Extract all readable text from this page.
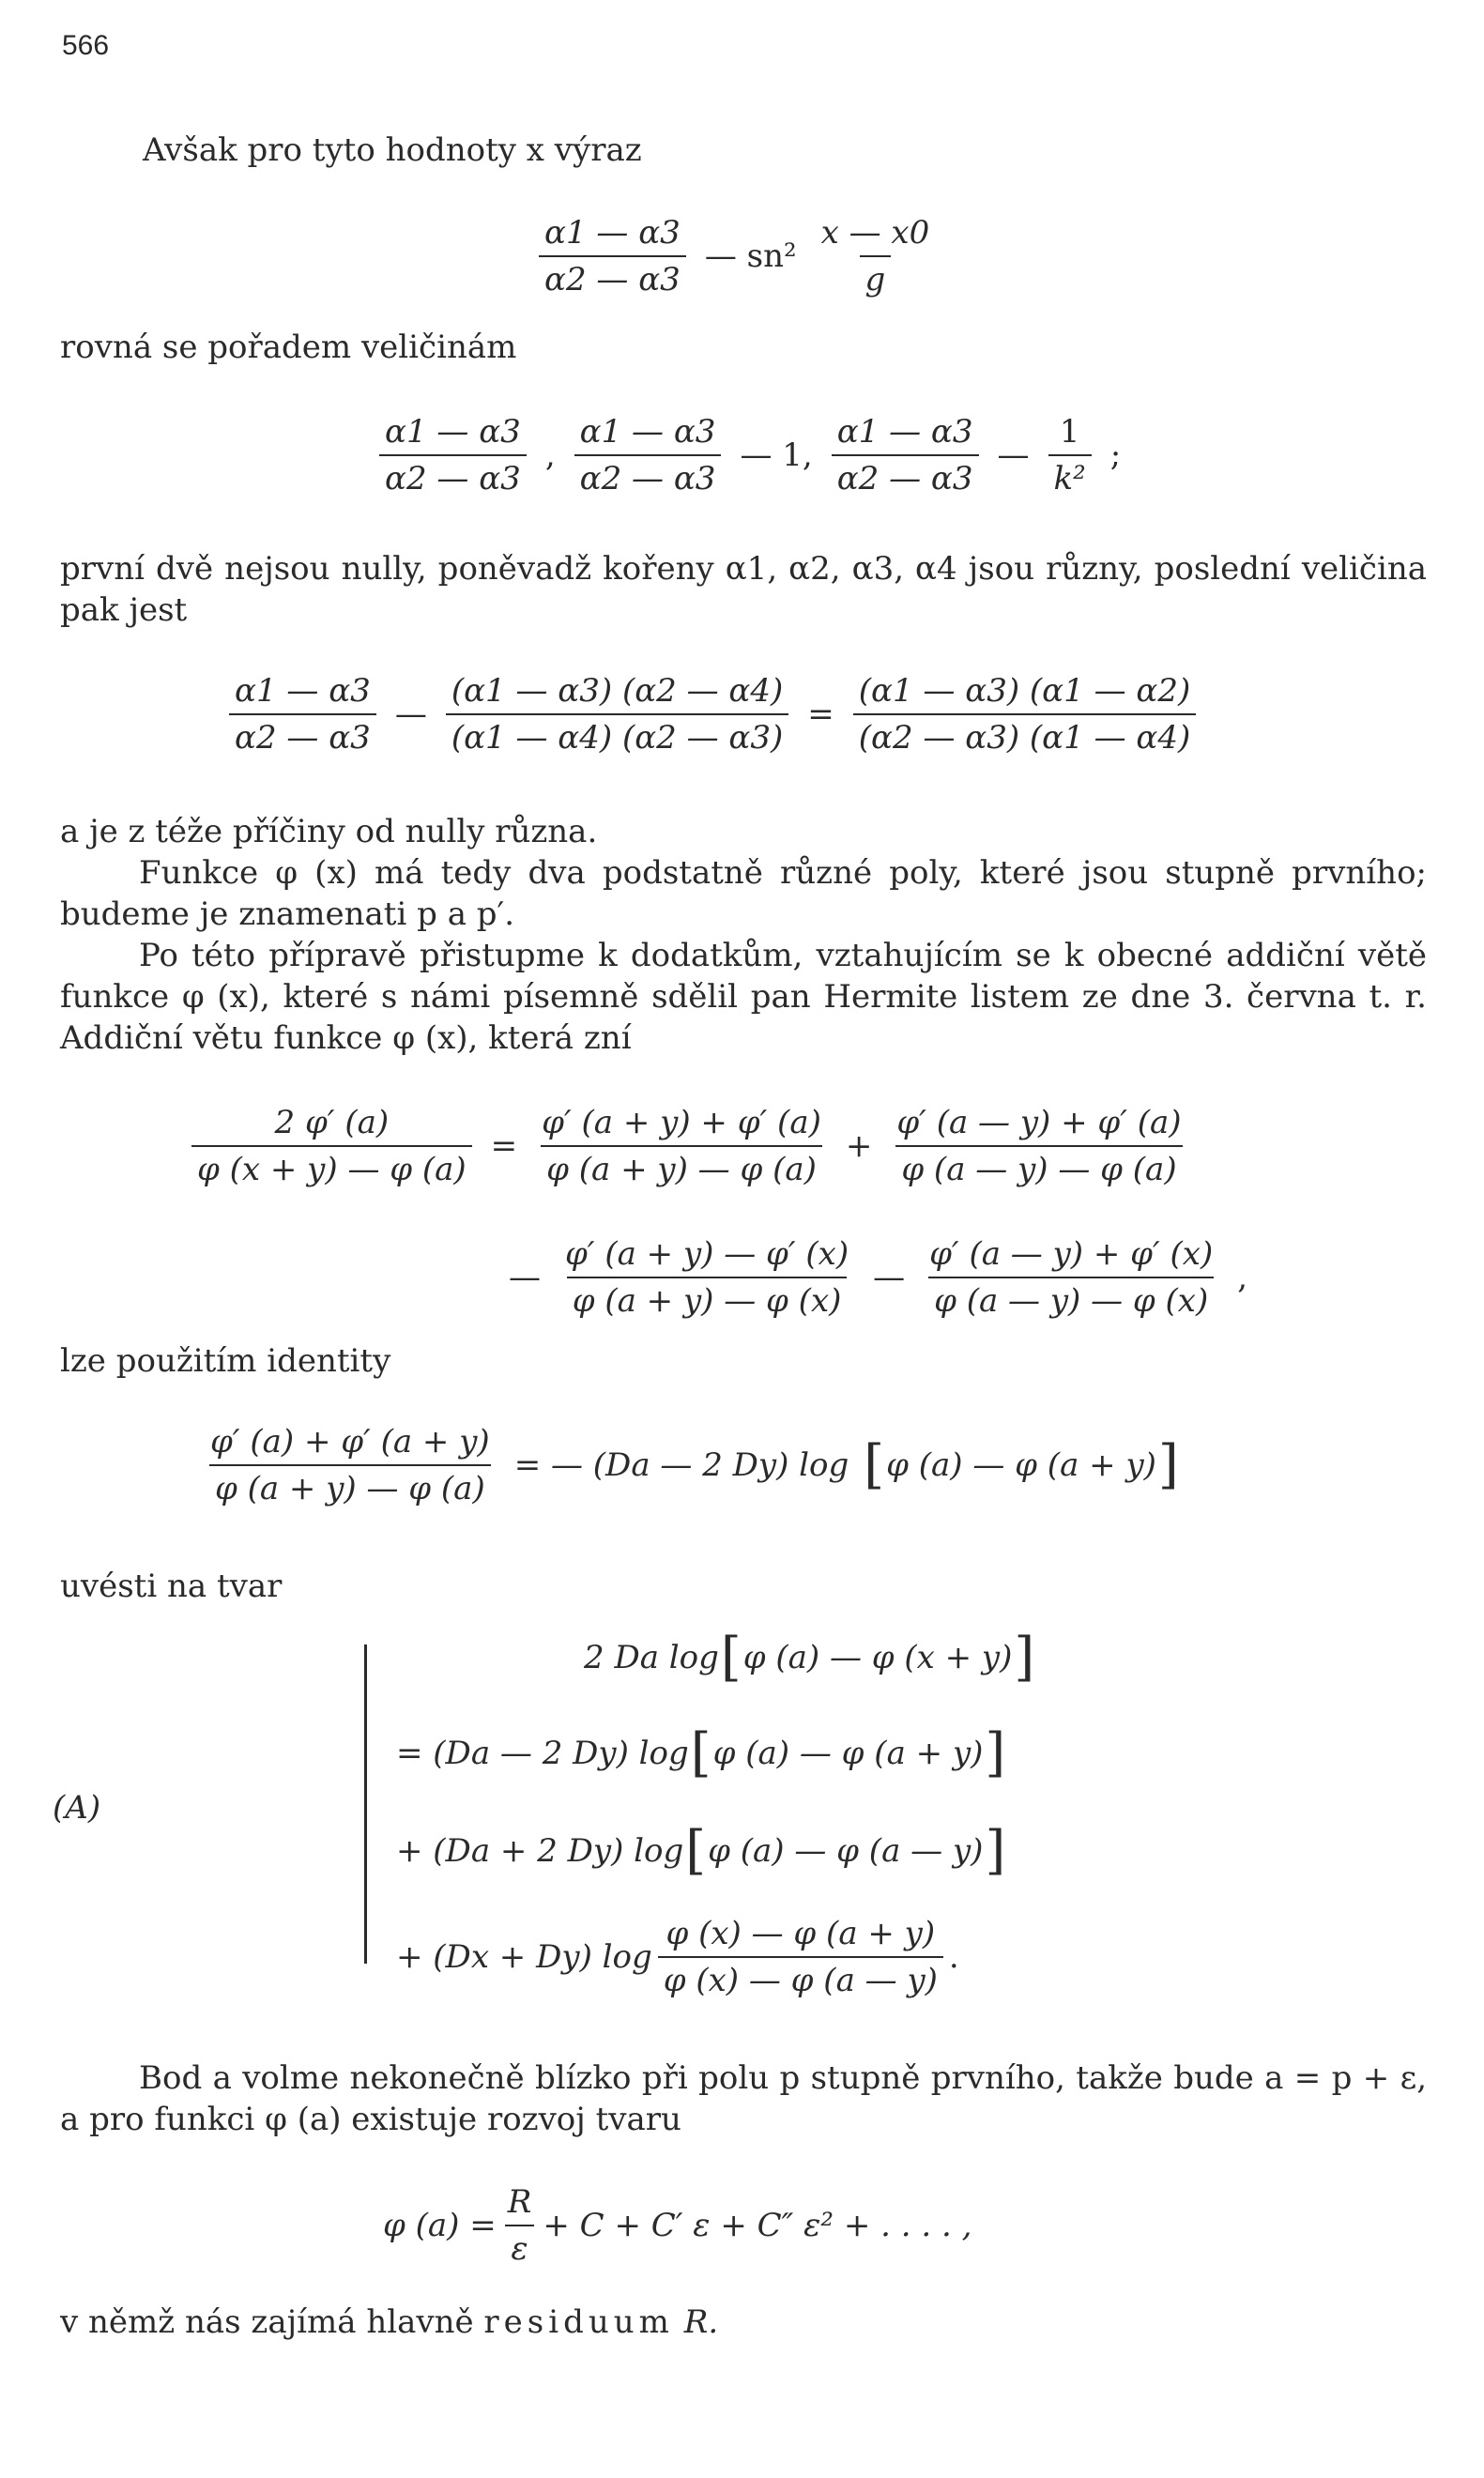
566
Avšak pro tyto hodnoty x výraz
$\frac{\alpha 1 — \alpha 3}{\alpha 2 — \alpha 3}$ — $sn^2 \frac{x — x0}{g}$
rovná se pořadem veličinám
$\frac{\alpha 1 — \alpha 3}{\alpha 2 — \alpha 3}$ , $\frac{\alpha 1 — \alpha 3}{\alpha 2 — \alpha 3}$ — 1, $\frac{\alpha 1 — \alpha 3}{\alpha 2 — \alpha 3}$ — $\frac{1}{\text{k²}}$ ;
první dvě nejsou nully, poněvadž kořeny α1, α2, α3, α4 jsou různy, poslední veličina pak jest
$\frac{\alpha 1 — \alpha 3}{\alpha 2 — \alpha 3}$ — $\frac{(\alpha 1 — \alpha 3) (\alpha 2 — \alpha 4)}{(\alpha 1 — \alpha 4) (\alpha 2 — \alpha 3)} = \frac{(\alpha 1 — \alpha 3) (\alpha 1 — \alpha 2)}{(\alpha 2 — \alpha 3) (\alpha 1 — \alpha 4)}$
a je z téže příčiny od nully různa.
Funkce φ (x) má tedy dva podstatně různé poly, které jsou stupně prvního; budeme je znamenati p a p′.
Po této přípravě přistupme k dodatkům, vztahujícím se k obecné addiční větě funkce φ (x), které s námi písemně sdělil pan Hermite listem ze dne 3. června t. r. Addiční větu funkce φ (x), která zní
$\frac{2 \varphi' (a)}{\varphi (x + y) — \varphi (a)} = \frac{\varphi' (a + y) + \varphi' (a)}{\varphi (a + y) — \varphi (a)} + \frac{\varphi' (a — y) + \varphi' (a)}{\varphi (a — y) — \varphi (a)}$
— $\frac{\varphi' (a + y) — \varphi' (x)}{\varphi (a + y) — \varphi (x)}$ — $\frac{\varphi' (a — y) + \varphi' (x)}{\varphi (a — y) — \varphi (x)}$ ,
lze použitím identity
$\frac{\varphi' (a) + \varphi' (a + y)}{\varphi (a + y) — \varphi (a)}$ = — (Da — 2 Dy) log [ φ (a) — φ (a + y) ]
uvésti na tvar
(A)
2 Da log [ φ (a) — φ (x + y) ]
= (Da — 2 Dy) log [ φ (a) — φ (a + y) ]
+ (Da + 2 Dy) log [ φ (a) — φ (a — y) ]
+ (Dx + Dy) $\log \frac{\varphi (x) — \varphi (a + y)}{\varphi (x) — \varphi (a — y)}$ .
Bod a volme nekonečně blízko při polu p stupně prvního, takže bude a = p + ε, a pro funkci φ (a) existuje rozvoj tvaru
φ $(a) = \frac{R}{\varepsilon} + C + C'$ ε + C″ ε² + . . . . ,
v němž nás zajímá hlavně residuum R.
